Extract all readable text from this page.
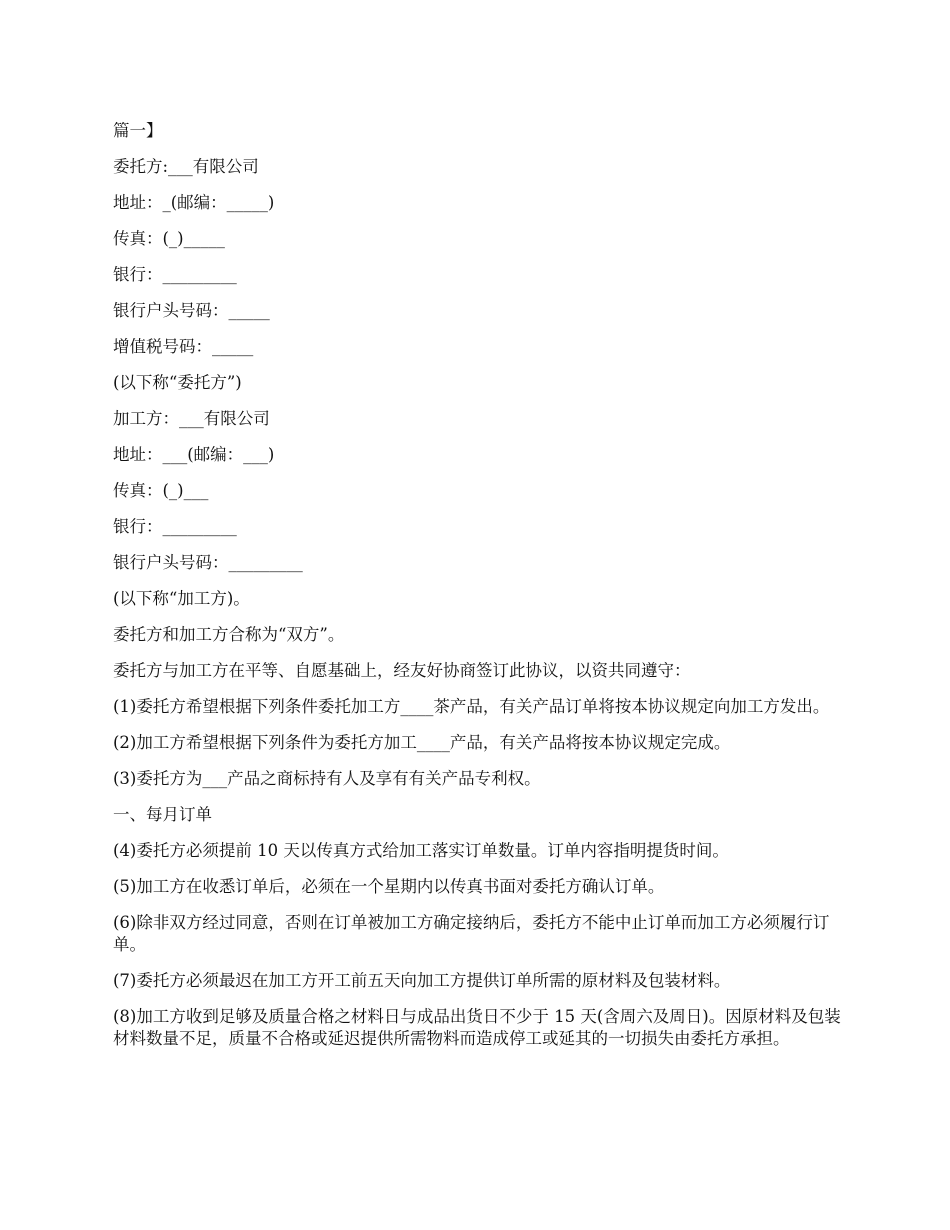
篇一】

委托方:___有限公司

地址：_(邮编：_____)

传真：(_)_____

银行：_________

银行户头号码：_____

增值税号码：_____

(以下称“委托方”)

加工方：___有限公司

地址：___(邮编：___)

传真：(_)___

银行：_________

银行户头号码：_________

(以下称“加工方)。

委托方和加工方合称为“双方”。

委托方与加工方在平等、自愿基础上，经友好协商签订此协议，以资共同遵守：

(1)委托方希望根据下列条件委托加工方____茶产品，有关产品订单将按本协议规定向加工方发出。

(2)加工方希望根据下列条件为委托方加工____产品，有关产品将按本协议规定完成。

(3)委托方为___产品之商标持有人及享有有关产品专利权。

一、每月订单

(4)委托方必须提前 10 天以传真方式给加工落实订单数量。订单内容指明提货时间。

(5)加工方在收悉订单后，必须在一个星期内以传真书面对委托方确认订单。

(6)除非双方经过同意，否则在订单被加工方确定接纳后，委托方不能中止订单而加工方必须履行订单。

(7)委托方必须最迟在加工方开工前五天向加工方提供订单所需的原材料及包装材料。

(8)加工方收到足够及质量合格之材料日与成品出货日不少于 15 天(含周六及周日)。因原材料及包装材料数量不足，质量不合格或延迟提供所需物料而造成停工或延其的一切损失由委托方承担。
